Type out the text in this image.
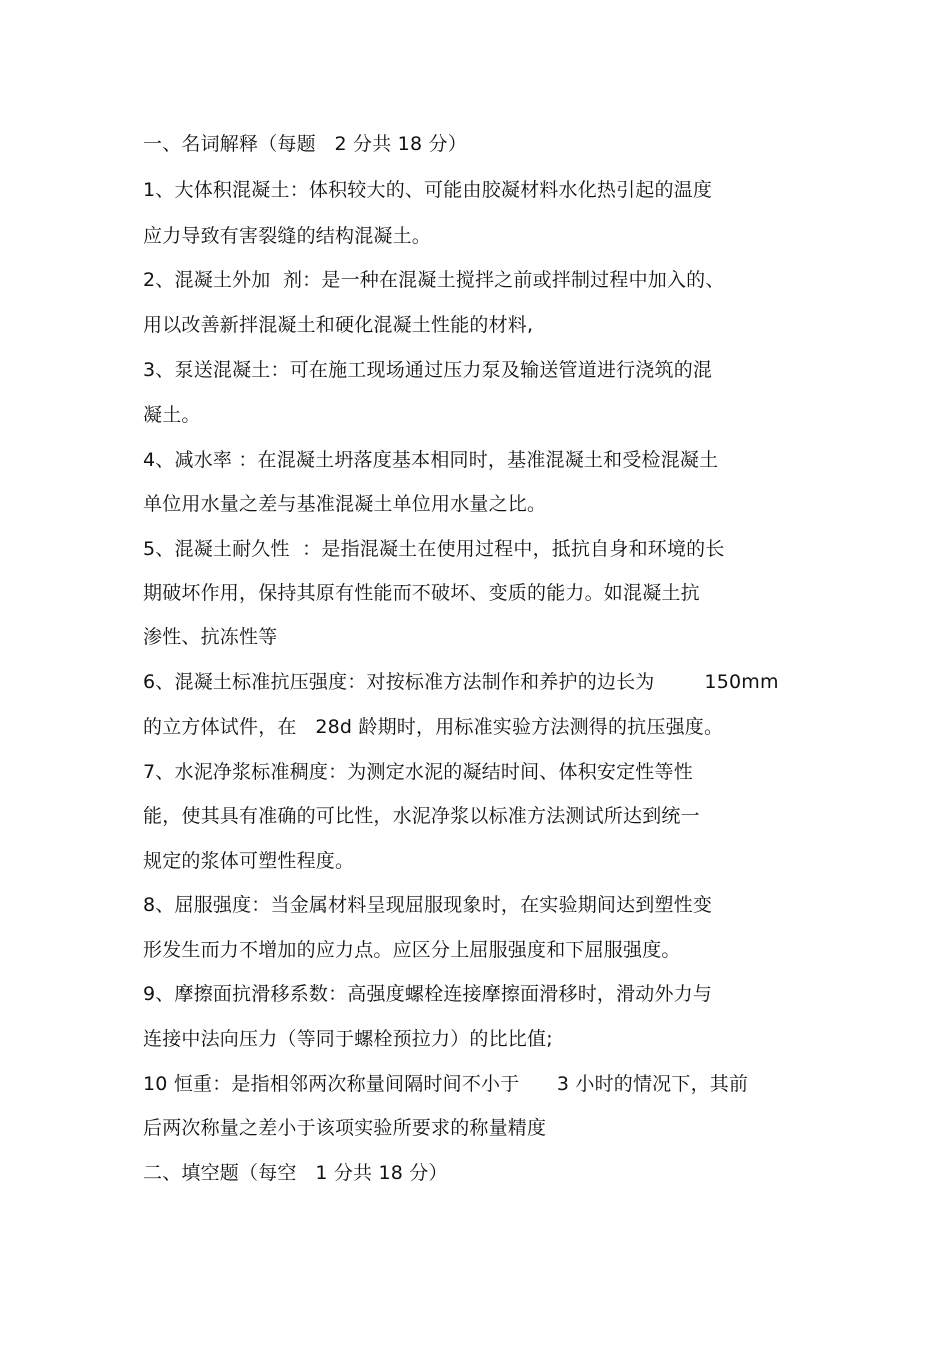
一、名词解释（每题   2 分共 18 分）
1、大体积混凝土：体积较大的、可能由胶凝材料水化热引起的温度
应力导致有害裂缝的结构混凝土。
2、混凝土外加  剂：是一种在混凝土搅拌之前或拌制过程中加入的、
用以改善新拌混凝土和硬化混凝土性能的材料,
3、泵送混凝土：可在施工现场通过压力泵及输送管道进行浇筑的混
凝土。
4、减水率 ：在混凝土坍落度基本相同时，基准混凝土和受检混凝土
单位用水量之差与基准混凝土单位用水量之比。
5、混凝土耐久性  ：是指混凝土在使用过程中，抵抗自身和环境的长
期破坏作用，保持其原有性能而不破坏、变质的能力。如混凝土抗
渗性、抗冻性等
6、混凝土标准抗压强度：对按标准方法制作和养护的边长为        150mm
的立方体试件，在   28d 龄期时，用标准实验方法测得的抗压强度。
7、水泥净浆标准稠度：为测定水泥的凝结时间、体积安定性等性
能，使其具有准确的可比性，水泥净浆以标准方法测试所达到统一
规定的浆体可塑性程度。
8、屈服强度：当金属材料呈现屈服现象时，在实验期间达到塑性变
形发生而力不增加的应力点。应区分上屈服强度和下屈服强度。
9、摩擦面抗滑移系数：高强度螺栓连接摩擦面滑移时，滑动外力与
连接中法向压力（等同于螺栓预拉力）的比比值;
10 恒重：是指相邻两次称量间隔时间不小于      3 小时的情况下，其前
后两次称量之差小于该项实验所要求的称量精度
二、填空题（每空   1 分共 18 分）
